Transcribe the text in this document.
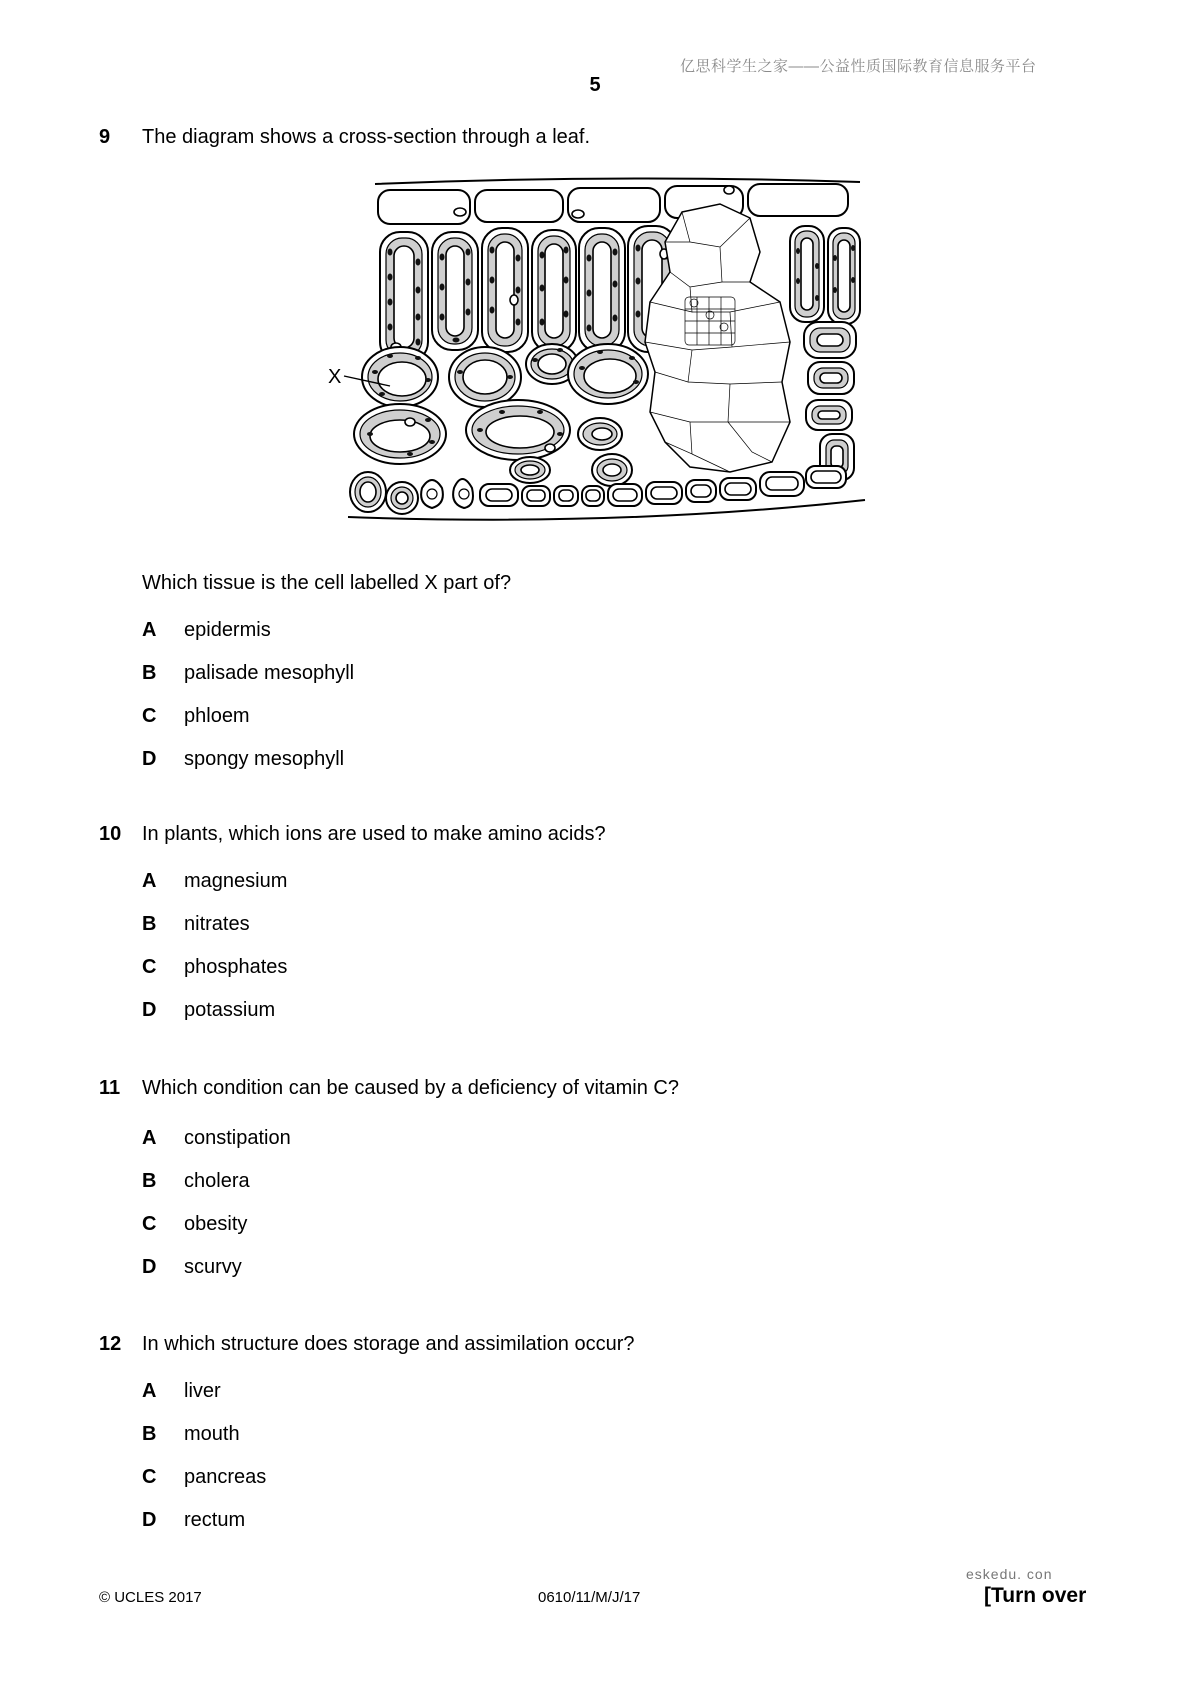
亿思科学生之家——公益性质国际教育信息服务平台
5
9 The diagram shows a cross-section through a leaf.
X
Which tissue is the cell labelled X part of?
A epidermis
B palisade mesophyll
C phloem
D spongy mesophyll
10 In plants, which ions are used to make amino acids?
A magnesium
B nitrates
C phosphates
D potassium
11 Which condition can be caused by a deficiency of vitamin C?
A constipation
B cholera
C obesity
D scurvy
12 In which structure does storage and assimilation occur?
A liver
B mouth
C pancreas
D rectum
eskedu. con
© UCLES 2017	0610/11/M/J/17	[Turn over
